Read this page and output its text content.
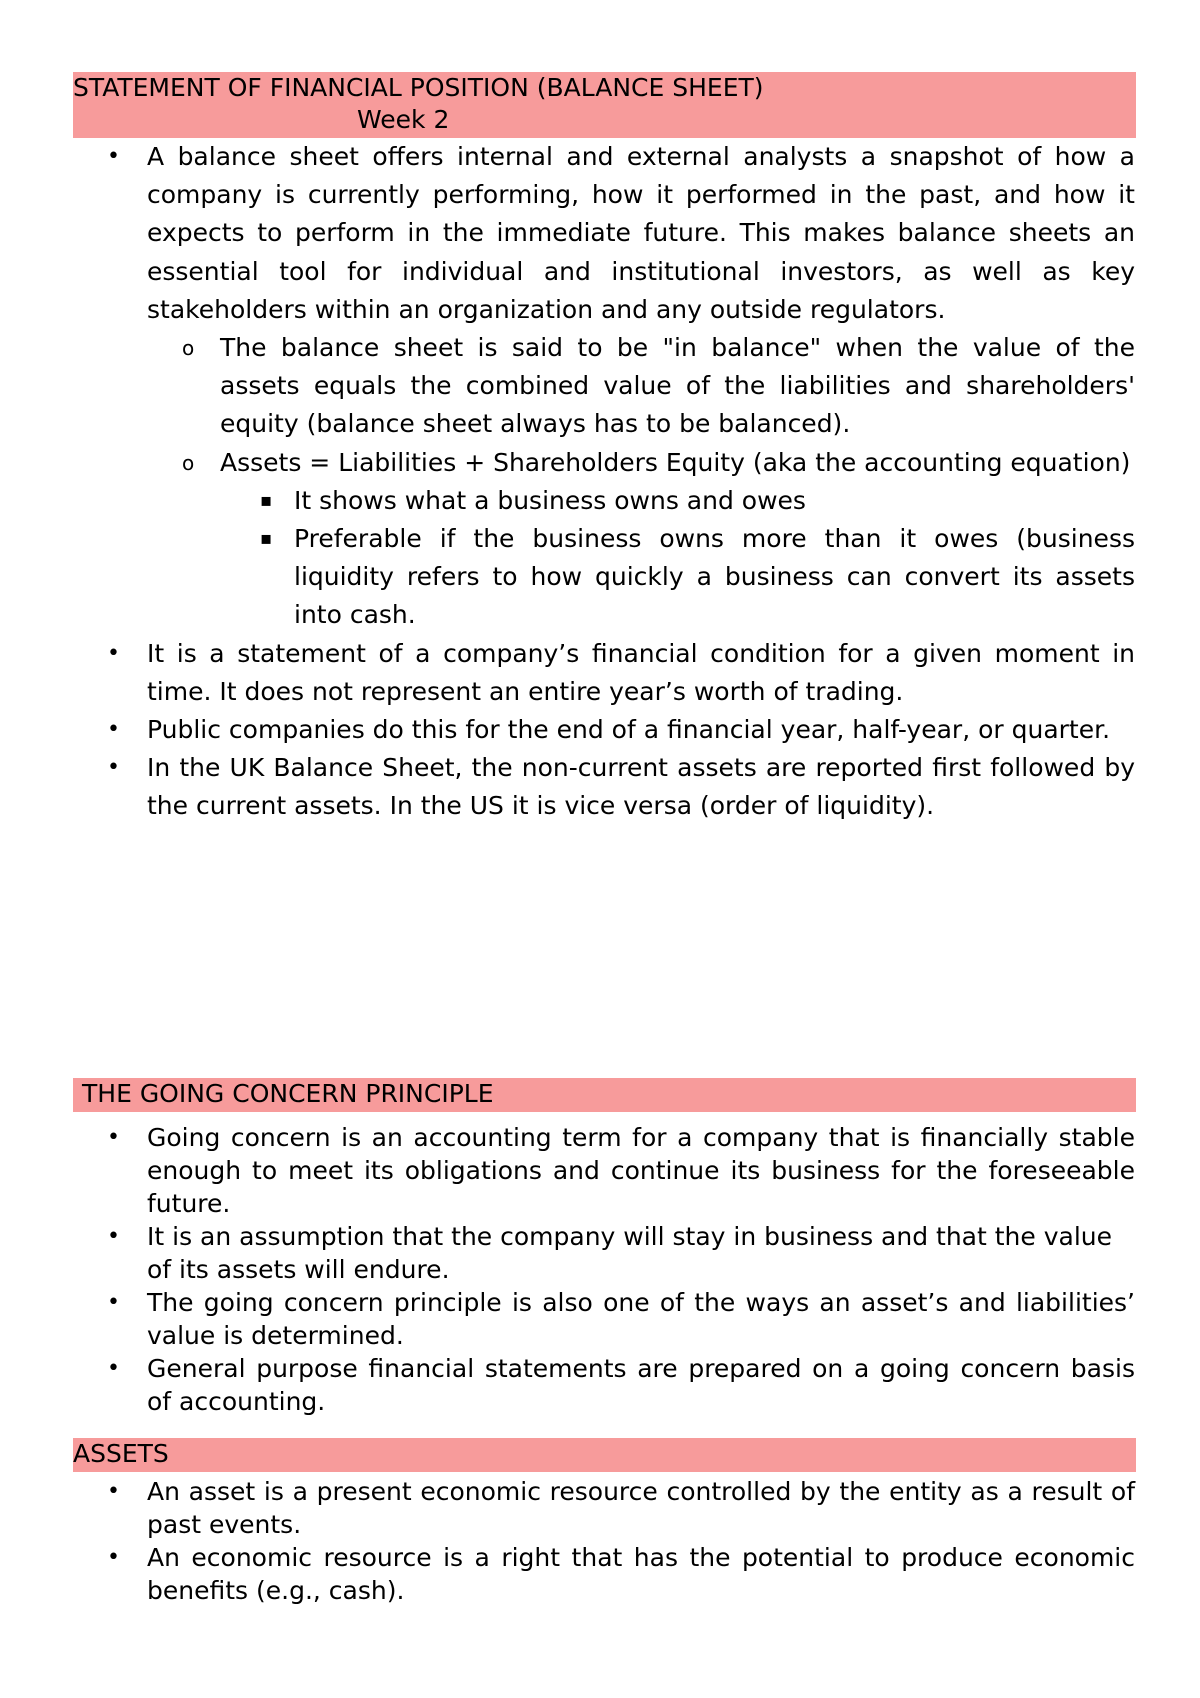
STATEMENT OF FINANCIAL POSITION (BALANCE SHEET)
Week 2

• A balance sheet offers internal and external analysts a snapshot of how a company is currently performing, how it performed in the past, and how it expects to perform in the immediate future. This makes balance sheets an essential tool for individual and institutional investors, as well as key stakeholders within an organization and any outside regulators.

o The balance sheet is said to be "in balance" when the value of the assets equals the combined value of the liabilities and shareholders' equity (balance sheet always has to be balanced).

o Assets = Liabilities + Shareholders Equity (aka the accounting equation)

▪ It shows what a business owns and owes

▪ Preferable if the business owns more than it owes (business liquidity refers to how quickly a business can convert its assets into cash.

• It is a statement of a company’s financial condition for a given moment in time. It does not represent an entire year’s worth of trading.

• Public companies do this for the end of a financial year, half-year, or quarter.

• In the UK Balance Sheet, the non-current assets are reported first followed by the current assets. In the US it is vice versa (order of liquidity).

THE GOING CONCERN PRINCIPLE

• Going concern is an accounting term for a company that is financially stable enough to meet its obligations and continue its business for the foreseeable future.

• It is an assumption that the company will stay in business and that the value of its assets will endure.

• The going concern principle is also one of the ways an asset’s and liabilities’ value is determined.

• General purpose financial statements are prepared on a going concern basis of accounting.

ASSETS

• An asset is a present economic resource controlled by the entity as a result of past events.

• An economic resource is a right that has the potential to produce economic benefits (e.g., cash).
